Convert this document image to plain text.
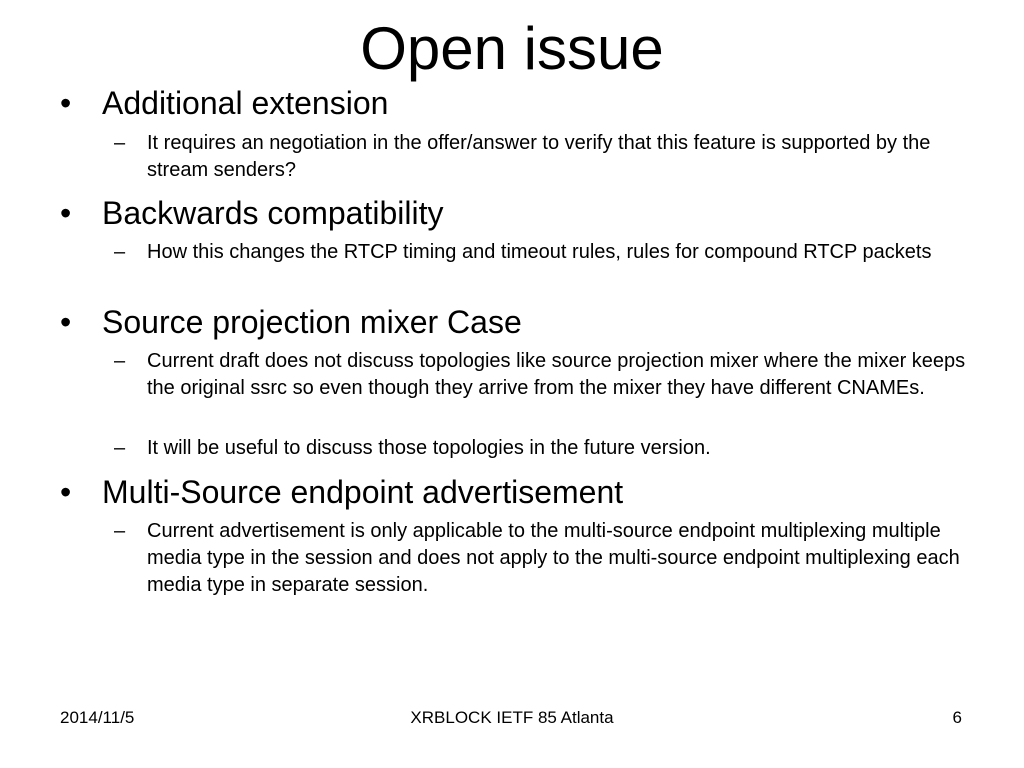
Open issue
• Additional extension
– It requires an negotiation in the offer/answer to verify that this feature is supported by the stream senders?
• Backwards compatibility
– How this changes the RTCP timing and timeout rules, rules for compound RTCP packets
• Source projection mixer Case
– Current draft does not discuss topologies like source projection mixer where the mixer keeps the original ssrc so even though they arrive from the mixer they have different CNAMEs.
– It will be useful to discuss those topologies in the future version.
• Multi-Source endpoint advertisement
– Current advertisement is only applicable to the multi-source endpoint multiplexing multiple media type in the session and does not apply to the multi-source endpoint multiplexing each media type in separate session.
2014/11/5	XRBLOCK IETF 85 Atlanta	6
